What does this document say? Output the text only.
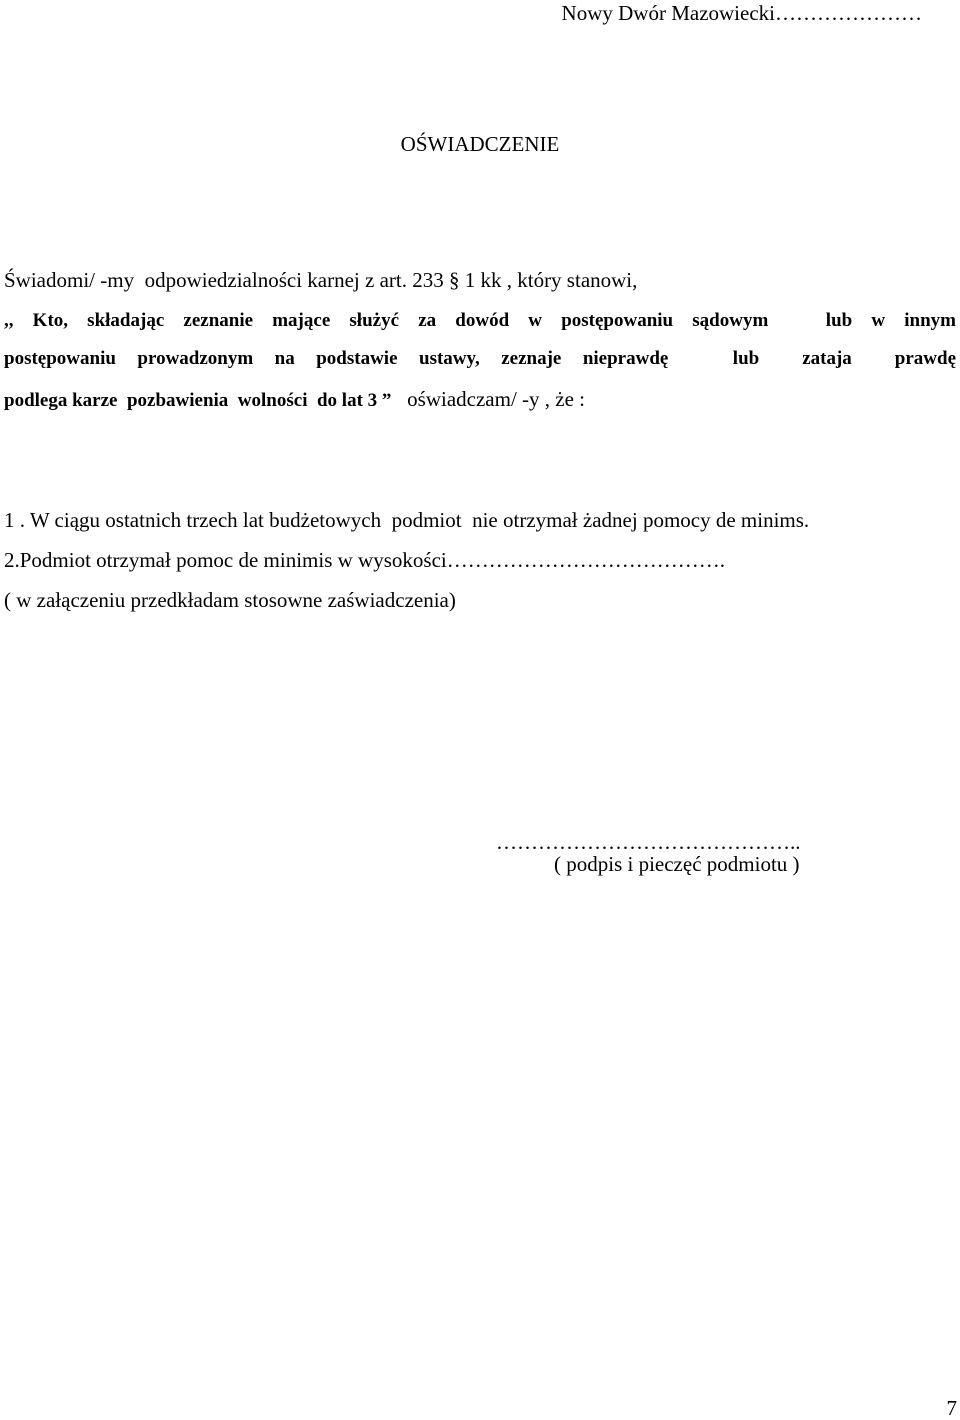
Nowy Dwór Mazowiecki…………………
OŚWIADCZENIE
Świadomi/ -my  odpowiedzialności karnej z art. 233 § 1 kk , który stanowi,
,, Kto, składając zeznanie mające służyć za dowód w postępowaniu sądowym   lub w innym
postępowaniu prowadzonym na podstawie ustawy, zeznaje nieprawdę   lub  zataja  prawdę
podlega karze  pozbawienia  wolności  do lat 3 ”   oświadczam/ -y , że :
1 . W ciągu ostatnich trzech lat budżetowych  podmiot  nie otrzymał żadnej pomocy de minims.
2.Podmiot otrzymał pomoc de minimis w wysokości………………………………….
( w załączeniu przedkładam stosowne zaświadczenia)
……………………………………..
( podpis i pieczęć podmiotu )
7
